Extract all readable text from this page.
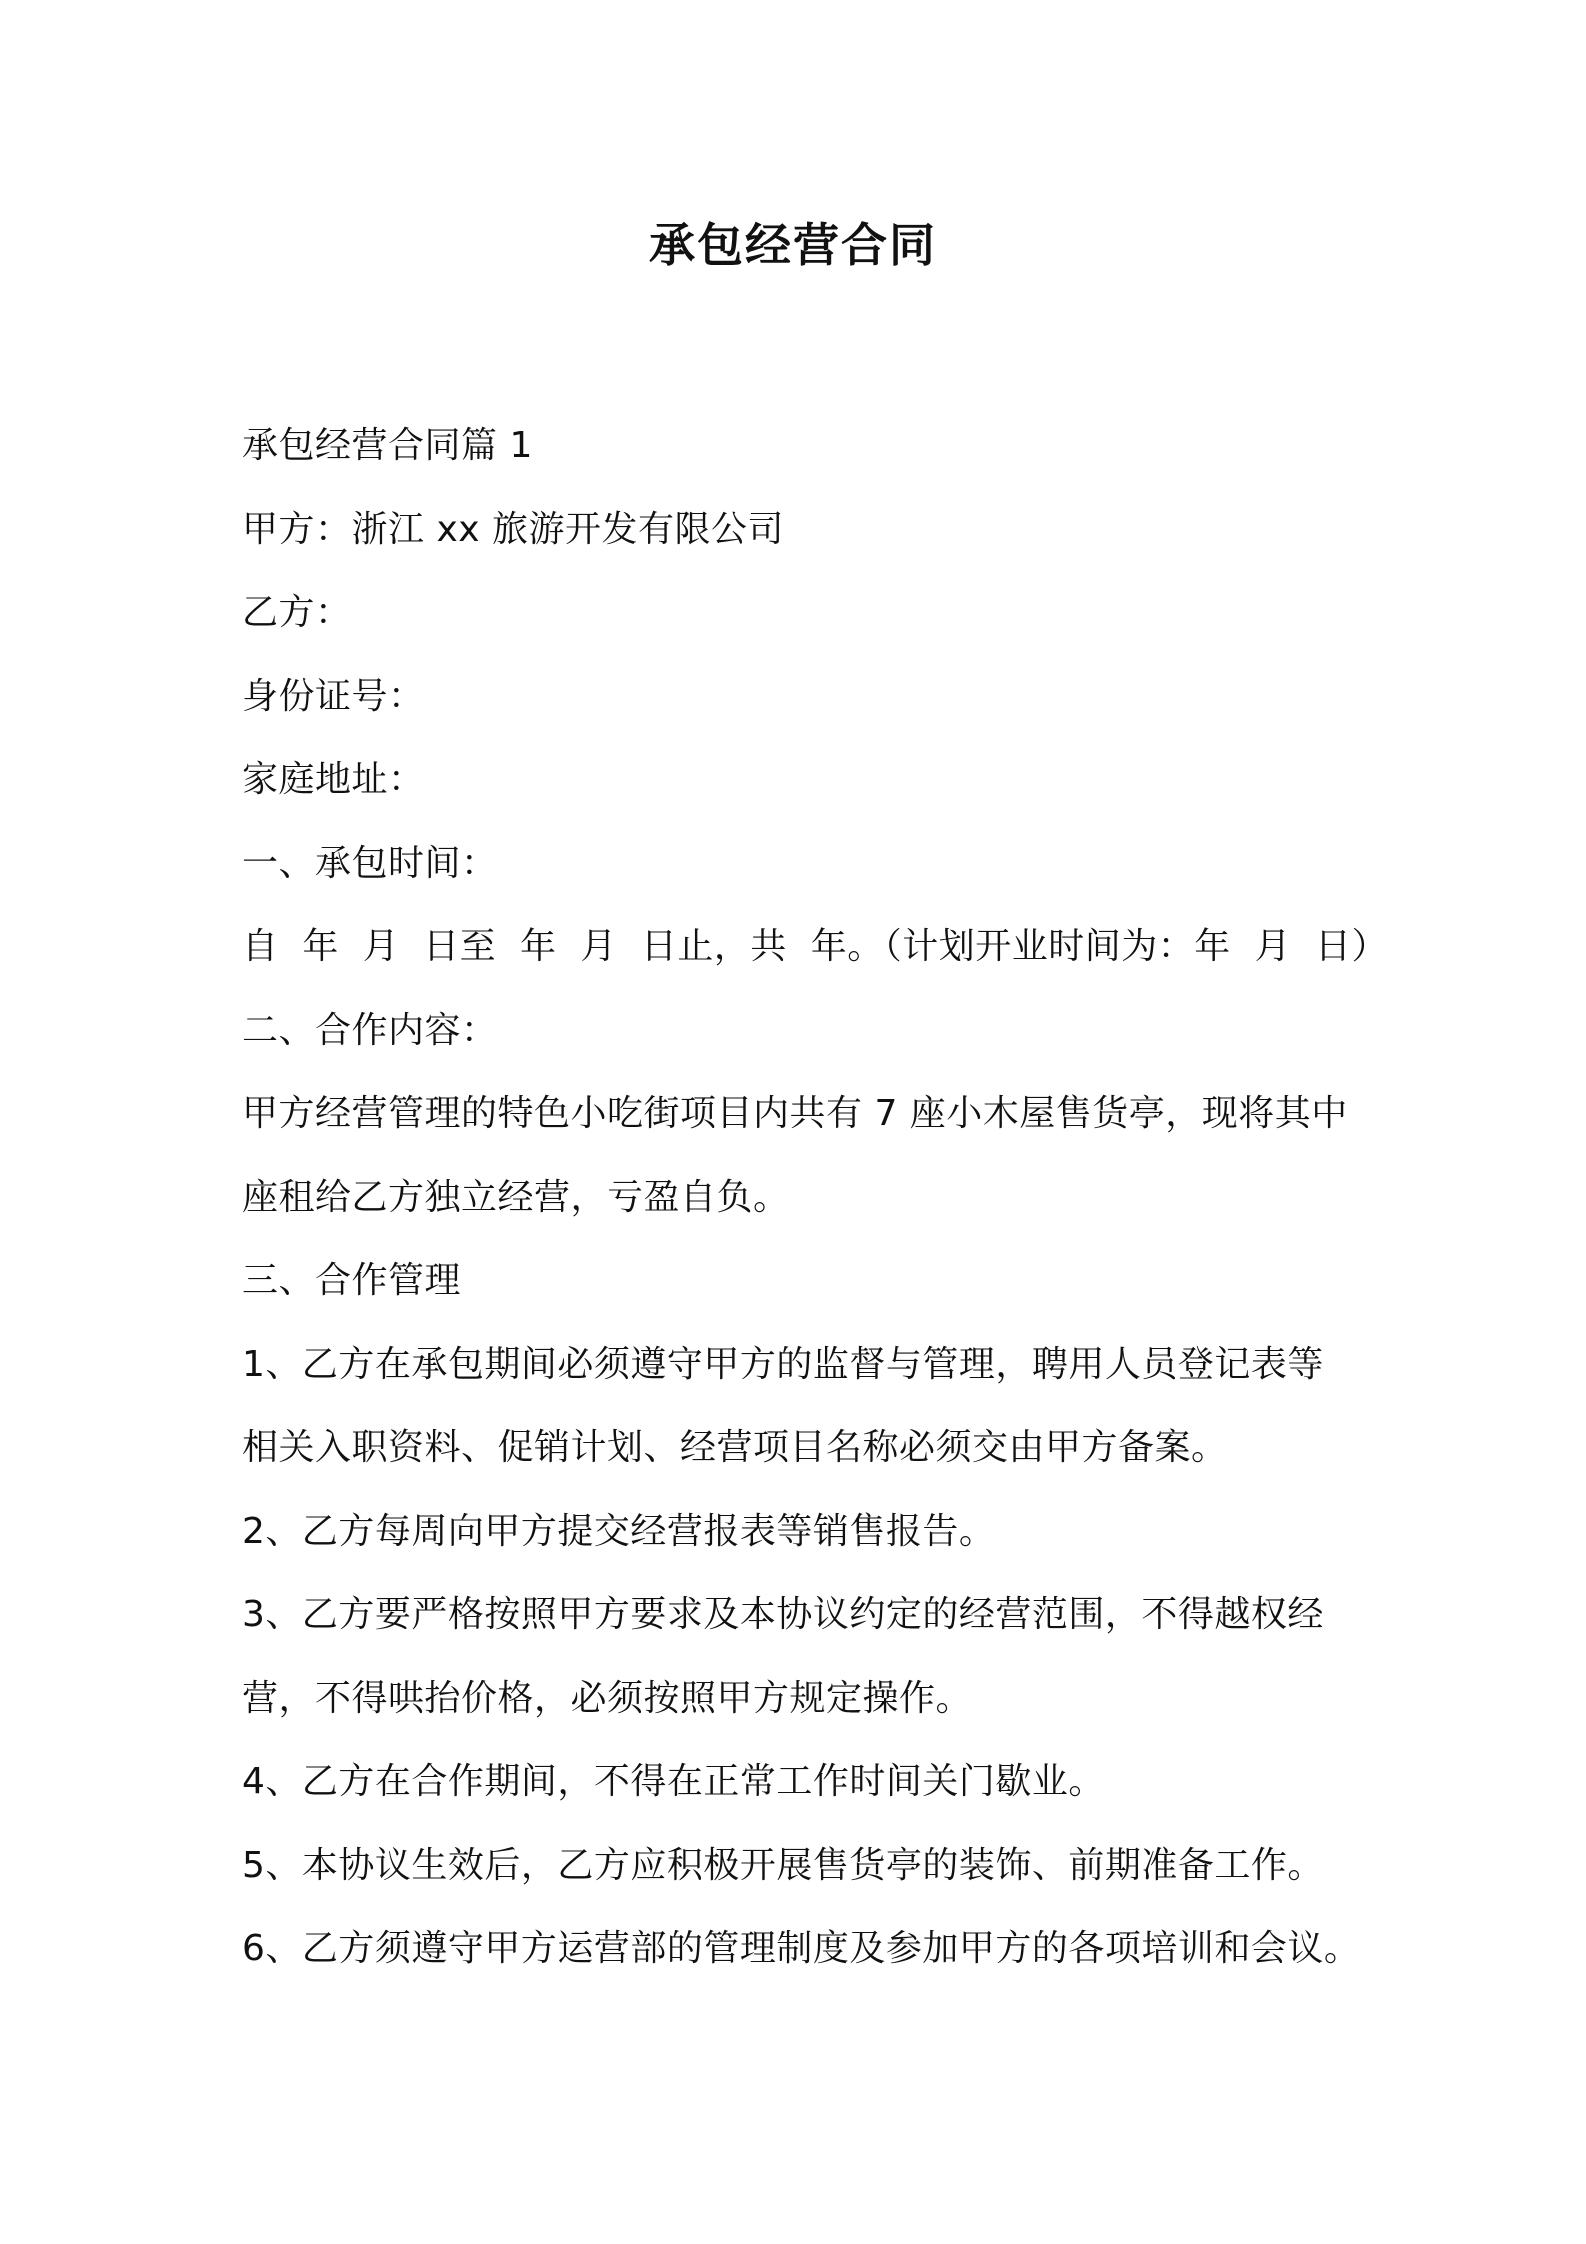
承包经营合同
承包经营合同篇 1
甲方：浙江 xx 旅游开发有限公司
乙方：
身份证号：
家庭地址：
一、承包时间：
自  年  月  日至  年  月  日止，共  年。（计划开业时间为：年  月  日）
二、合作内容：
甲方经营管理的特色小吃街项目内共有 7 座小木屋售货亭，现将其中
座租给乙方独立经营，亏盈自负。
三、合作管理
1、乙方在承包期间必须遵守甲方的监督与管理，聘用人员登记表等
相关入职资料、促销计划、经营项目名称必须交由甲方备案。
2、乙方每周向甲方提交经营报表等销售报告。
3、乙方要严格按照甲方要求及本协议约定的经营范围，不得越权经
营，不得哄抬价格，必须按照甲方规定操作。
4、乙方在合作期间，不得在正常工作时间关门歇业。
5、本协议生效后，乙方应积极开展售货亭的装饰、前期准备工作。
6、乙方须遵守甲方运营部的管理制度及参加甲方的各项培训和会议。
